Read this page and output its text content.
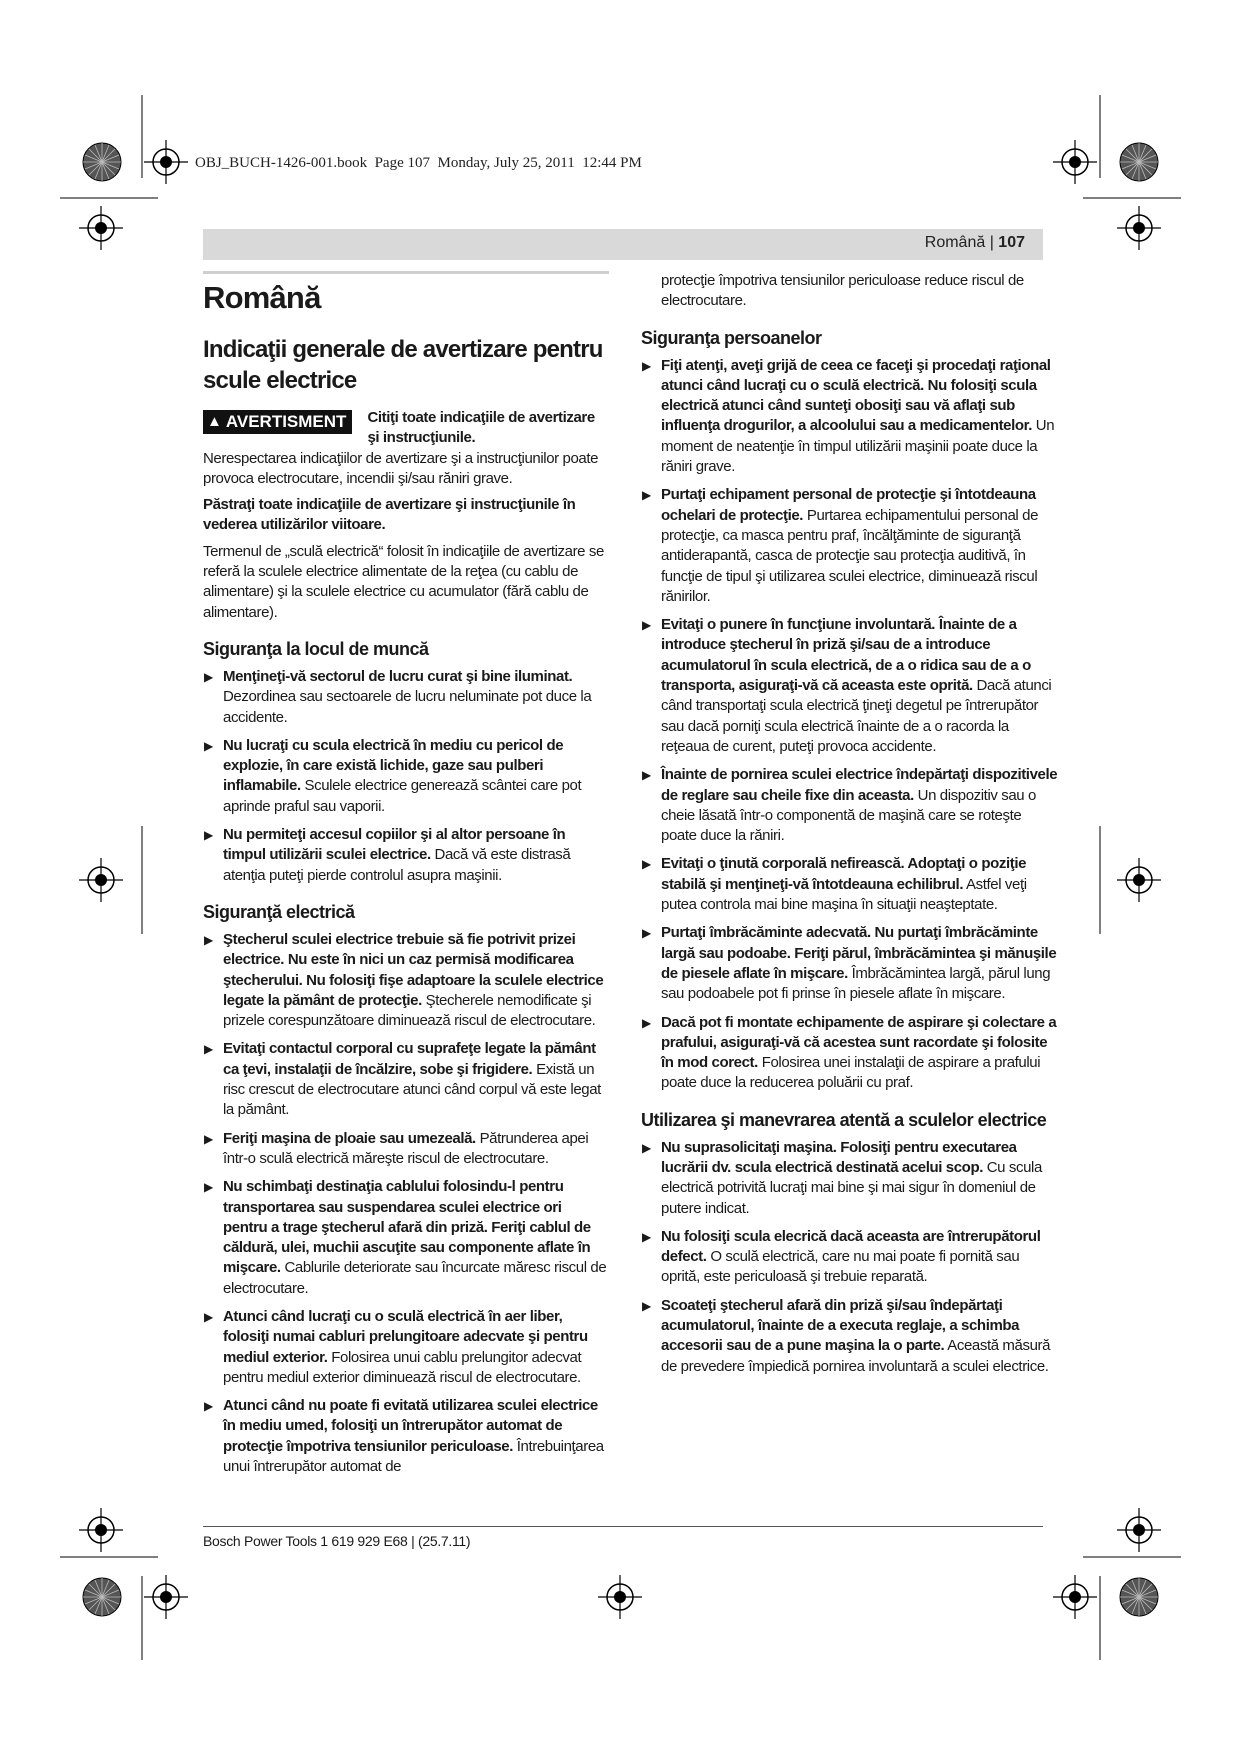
OBJ_BUCH-1426-001.book  Page 107  Monday, July 25, 2011  12:44 PM
Română | 107
Română
Indicaţii generale de avertizare pentru scule electrice
▲ AVERTISMENT Citiţi toate indicaţiile de avertizare şi instrucţiunile.

Nerespectarea indicaţiilor de avertizare şi a instrucţiunilor poate provoca electrocutare, incendii şi/sau răniri grave.

Păstraţi toate indicaţiile de avertizare şi instrucţiunile în vederea utilizărilor viitoare.

Termenul de „sculă electrică“ folosit în indicaţiile de avertizare se referă la sculele electrice alimentate de la reţea (cu cablu de alimentare) şi la sculele electrice cu acumulator (fără cablu de alimentare).

Siguranţa la locul de muncă
▶ Menţineţi-vă sectorul de lucru curat şi bine iluminat. Dezordinea sau sectoarele de lucru neluminate pot duce la accidente.
▶ Nu lucraţi cu scula electrică în mediu cu pericol de explozie, în care există lichide, gaze sau pulberi inflamabile. Sculele electrice generează scântei care pot aprinde praful sau vaporii.
▶ Nu permiteţi accesul copiilor şi al altor persoane în timpul utilizării sculei electrice. Dacă vă este distrasă atenţia puteţi pierde controlul asupra maşinii.
Siguranţă electrică
▶ Ştecherul sculei electrice trebuie să fie potrivit prizei electrice. Nu este în nici un caz permisă modificarea ştecherului. Nu folosiţi fişe adaptoare la sculele electrice legate la pământ de protecţie. Ştecherele nemodificate şi prizele corespunzătoare diminuează riscul de electrocutare.
▶ Evitaţi contactul corporal cu suprafeţe legate la pământ ca ţevi, instalaţii de încălzire, sobe şi frigidere. Există un risc crescut de electrocutare atunci când corpul vă este legat la pământ.
▶ Feriţi maşina de ploaie sau umezeală. Pătrunderea apei într-o sculă electrică măreşte riscul de electrocutare.
▶ Nu schimbaţi destinaţia cablului folosindu-l pentru transportarea sau suspendarea sculei electrice ori pentru a trage ştecherul afară din priză. Feriţi cablul de căldură, ulei, muchii ascuţite sau componente aflate în mişcare. Cablurile deteriorate sau încurcate măresc riscul de electrocutare.
▶ Atunci când lucraţi cu o sculă electrică în aer liber, folosiţi numai cabluri prelungitoare adecvate şi pentru mediul exterior. Folosirea unui cablu prelungitor adecvat pentru mediul exterior diminuează riscul de electrocutare.
▶ Atunci când nu poate fi evitată utilizarea sculei electrice în mediu umed, folosiţi un întrerupător automat de protecţie împotriva tensiunilor periculoase. Întrebuinţarea unui întrerupător automat de

protecţie împotriva tensiunilor periculoase reduce riscul de electrocutare.

Siguranţa persoanelor
▶ Fiţi atenţi, aveţi grijă de ceea ce faceţi şi procedaţi raţional atunci când lucraţi cu o sculă electrică. Nu folosiţi scula electrică atunci când sunteţi obosiţi sau vă aflaţi sub influenţa drogurilor, a alcoolului sau a medicamentelor. Un moment de neatenţie în timpul utilizării maşinii poate duce la răniri grave.
▶ Purtaţi echipament personal de protecţie şi întotdeauna ochelari de protecţie. Purtarea echipamentului personal de protecţie, ca masca pentru praf, încălţăminte de siguranţă antiderapantă, casca de protecţie sau protecţia auditivă, în funcţie de tipul şi utilizarea sculei electrice, diminuează riscul rănirilor.
▶ Evitaţi o punere în funcţiune involuntară. Înainte de a introduce ştecherul în priză şi/sau de a introduce acumulatorul în scula electrică, de a o ridica sau de a o transporta, asiguraţi-vă că aceasta este oprită. Dacă atunci când transportaţi scula electrică ţineţi degetul pe întrerupător sau dacă porniţi scula electrică înainte de a o racorda la reţeaua de curent, puteţi provoca accidente.
▶ Înainte de pornirea sculei electrice îndepărtaţi dispozitivele de reglare sau cheile fixe din aceasta. Un dispozitiv sau o cheie lăsată într-o componentă de maşină care se roteşte poate duce la răniri.
▶ Evitaţi o ţinută corporală nefirească. Adoptaţi o poziţie stabilă şi menţineţi-vă întotdeauna echilibrul. Astfel veţi putea controla mai bine maşina în situaţii neaşteptate.
▶ Purtaţi îmbrăcăminte adecvată. Nu purtaţi îmbrăcăminte largă sau podoabe. Feriţi părul, îmbrăcămintea şi mănuşile de piesele aflate în mişcare. Îmbrăcămintea largă, părul lung sau podoabele pot fi prinse în piesele aflate în mişcare.
▶ Dacă pot fi montate echipamente de aspirare şi colectare a prafului, asiguraţi-vă că acestea sunt racordate şi folosite în mod corect. Folosirea unei instalaţii de aspirare a prafului poate duce la reducerea poluării cu praf.
Utilizarea şi manevrarea atentă a sculelor electrice
▶ Nu suprasolicitaţi maşina. Folosiţi pentru executarea lucrării dv. scula electrică destinată acelui scop. Cu scula electrică potrivită lucraţi mai bine şi mai sigur în domeniul de putere indicat.
▶ Nu folosiţi scula elecrică dacă aceasta are întrerupătorul defect. O sculă electrică, care nu mai poate fi pornită sau oprită, este periculoasă şi trebuie reparată.
▶ Scoateţi ştecherul afară din priză şi/sau îndepărtaţi acumulatorul, înainte de a executa reglaje, a schimba accesorii sau de a pune maşina la o parte. Această măsură de prevedere împiedică pornirea involuntară a sculei electrice.
Bosch Power Tools 1 619 929 E68 | (25.7.11)
